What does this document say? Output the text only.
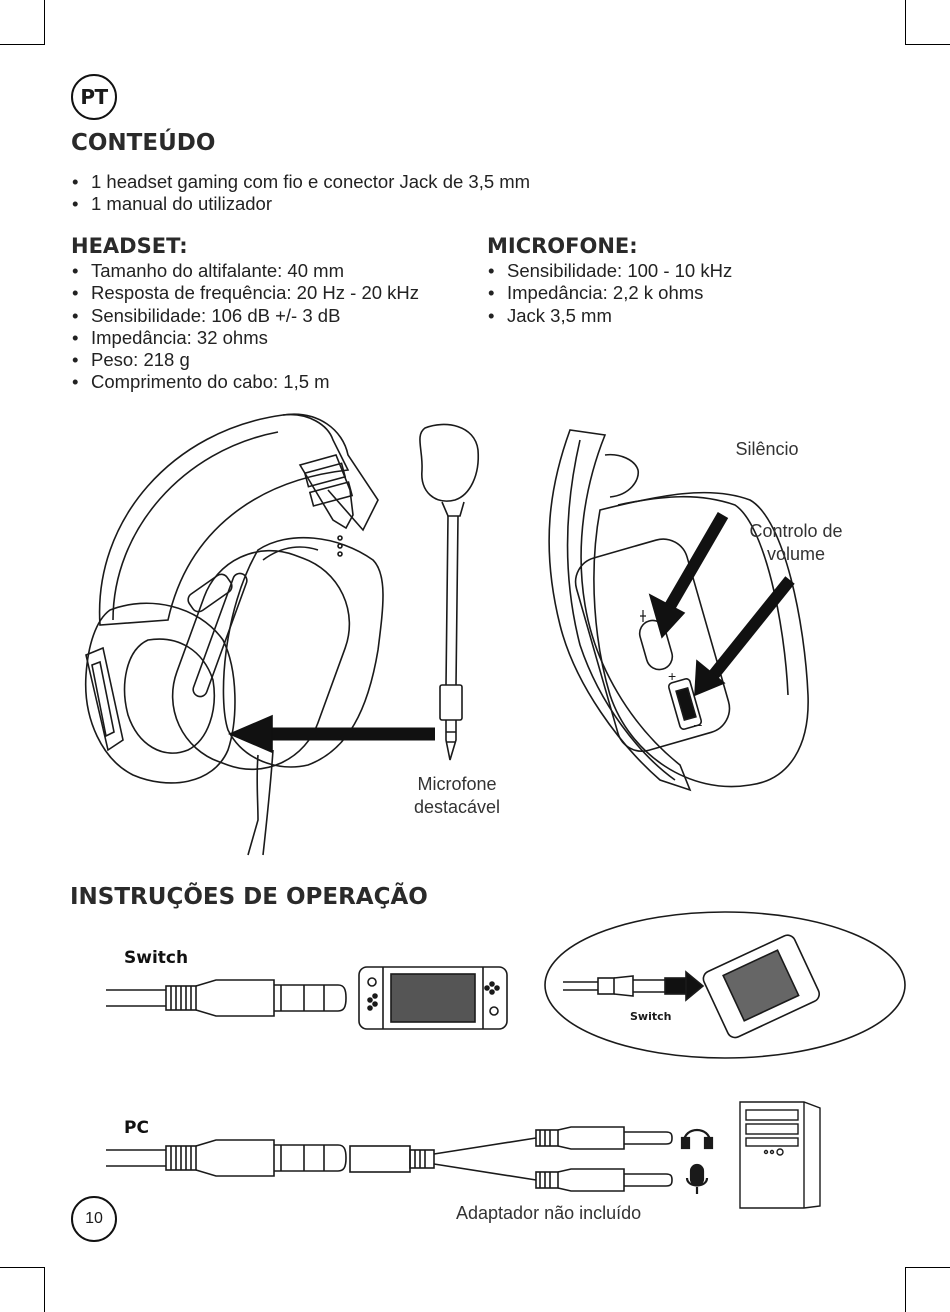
PT
CONTEÚDO
• 1 headset gaming com fio e conector Jack de 3,5 mm
• 1 manual do utilizador
HEADSET:
• Tamanho do altifalante: 40 mm
• Resposta de frequência: 20 Hz - 20 kHz
• Sensibilidade: 106 dB +/- 3 dB
• Impedância: 32 ohms
• Peso: 218 g
• Comprimento do cabo: 1,5 m
MICROFONE:
• Sensibilidade: 100 - 10 kHz
• Impedância: 2,2 k ohms
• Jack 3,5 mm
Microfone destacável
+
–
Silêncio
Controlo de volume
INSTRUÇÕES DE OPERAÇÃO
Switch
Switch
PC
Adaptador não incluído
10
